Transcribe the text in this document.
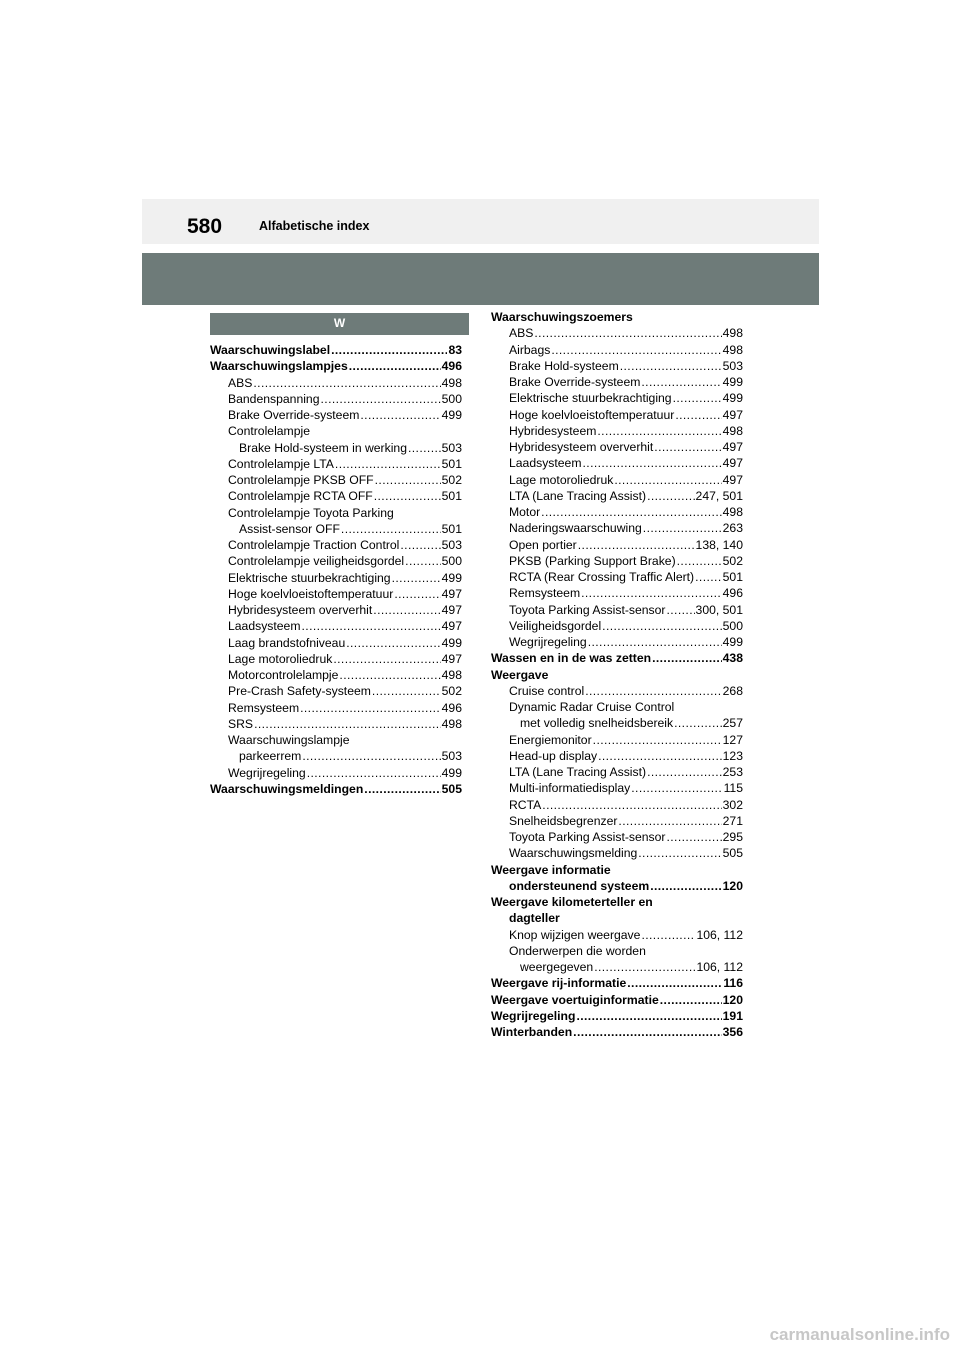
580	Alfabetische index
W
Waarschuwingslabel .....	83
Waarschuwingslampjes .....	496
ABS .....	498
Bandenspanning .....	500
Brake Override-systeem .....	499
Controlelampje
Brake Hold-systeem in werking .....	503
Controlelampje LTA .....	501
Controlelampje PKSB OFF .....	502
Controlelampje RCTA OFF .....	501
Controlelampje Toyota Parking
Assist-sensor OFF .....	501
Controlelampje Traction Control .....	503
Controlelampje veiligheidsgordel .....	500
Elektrische stuurbekrachtiging .....	499
Hoge koelvloeistoftemperatuur .....	497
Hybridesysteem oververhit .....	497
Laadsysteem .....	497
Laag brandstofniveau .....	499
Lage motoroliedruk .....	497
Motorcontrolelampje .....	498
Pre-Crash Safety-systeem .....	502
Remsysteem .....	496
SRS .....	498
Waarschuwingslampje
parkeerrem .....	503
Wegrijregeling .....	499
Waarschuwingsmeldingen .....	505
Waarschuwingszoemers
ABS .....	498
Airbags .....	498
Brake Hold-systeem .....	503
Brake Override-systeem .....	499
Elektrische stuurbekrachtiging .....	499
Hoge koelvloeistoftemperatuur .....	497
Hybridesysteem .....	498
Hybridesysteem oververhit .....	497
Laadsysteem .....	497
Lage motoroliedruk .....	497
LTA (Lane Tracing Assist) .....	247, 501
Motor .....	498
Naderingswaarschuwing .....	263
Open portier .....	138, 140
PKSB (Parking Support Brake) .....	502
RCTA (Rear Crossing Traffic Alert) ..... 501
Remsysteem .....	496
Toyota Parking Assist-sensor ..... 300, 501
Veiligheidsgordel .....	500
Wegrijregeling .....	499
Wassen en in de was zetten .....	438
Weergave
Cruise control .....	268
Dynamic Radar Cruise Control
met volledig snelheidsbereik .....	257
Energiemonitor .....	127
Head-up display .....	123
LTA (Lane Tracing Assist) .....	253
Multi-informatiedisplay .....	115
RCTA .....	302
Snelheidsbegrenzer .....	271
Toyota Parking Assist-sensor .....	295
Waarschuwingsmelding .....	505
Weergave informatie
ondersteunend systeem .....	120
Weergave kilometerteller en
dagteller
Knop wijzigen weergave .....	106, 112
Onderwerpen die worden
weergegeven .....	106, 112
Weergave rij-informatie .....	116
Weergave voertuiginformatie .....	120
Wegrijregeling .....	191
Winterbanden .....	356
carmanualsonline.info
